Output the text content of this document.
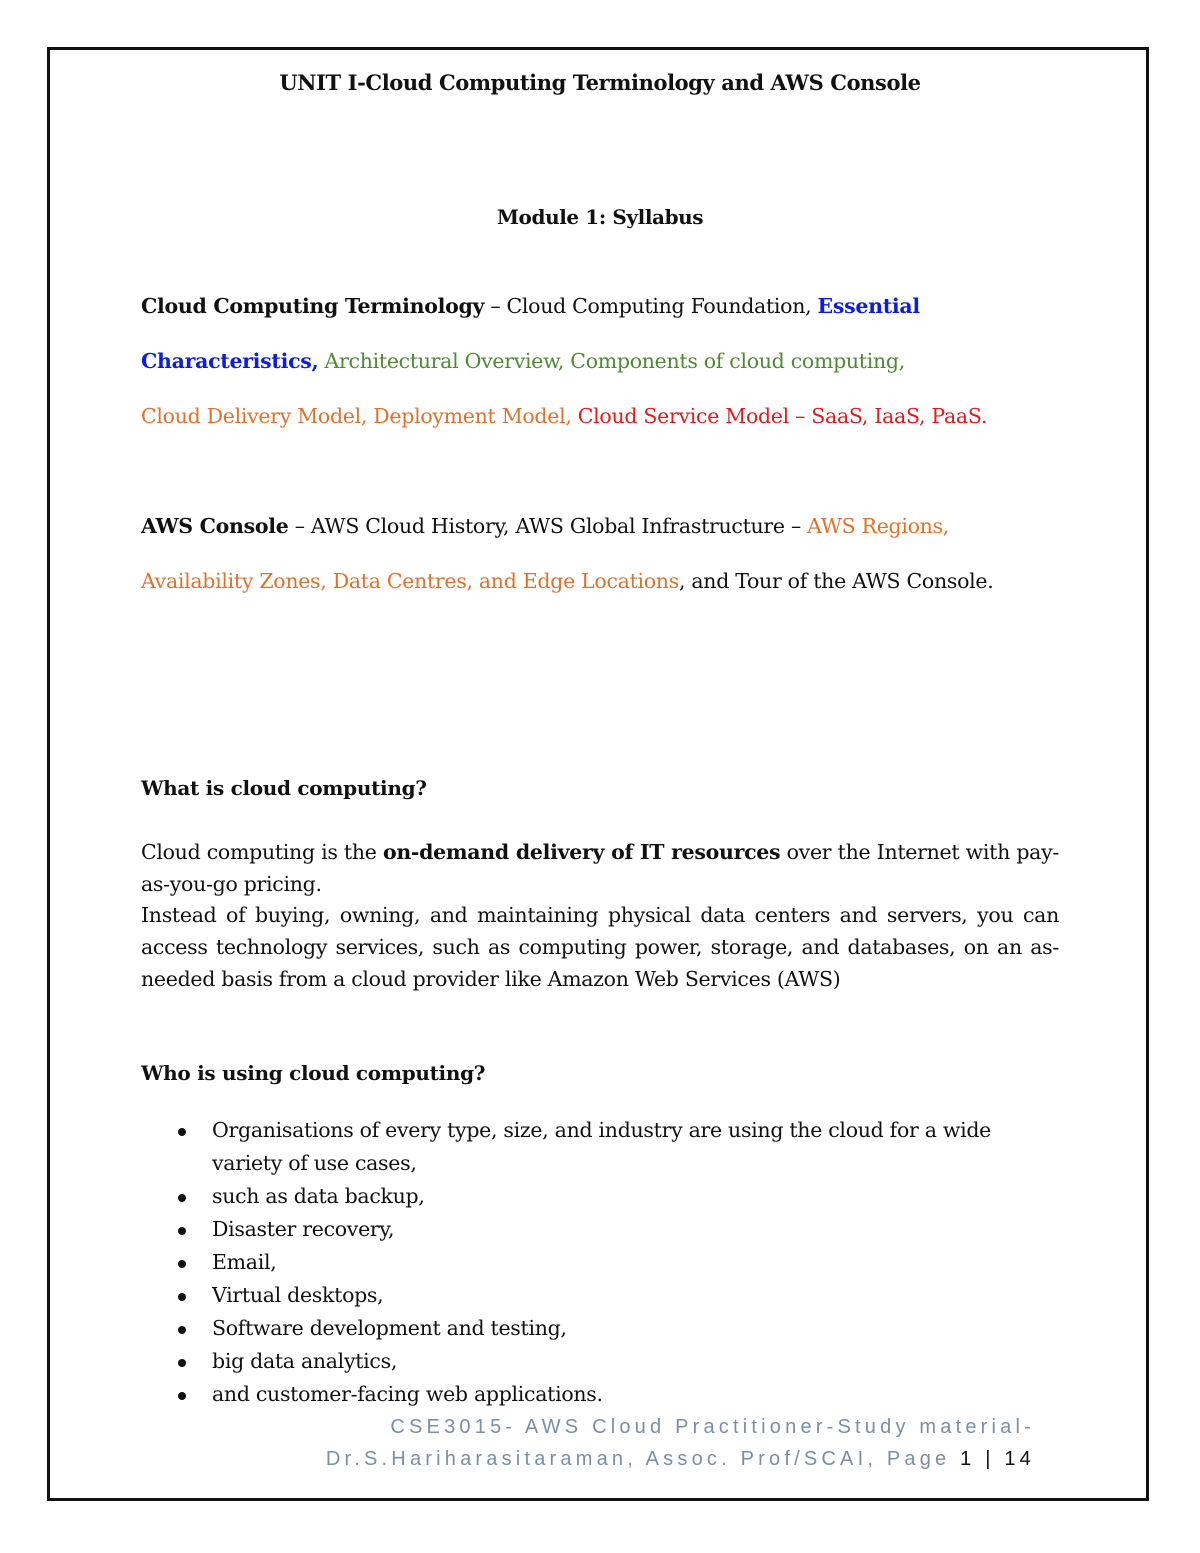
UNIT I-Cloud Computing Terminology and AWS Console
Module 1: Syllabus
Cloud Computing Terminology – Cloud Computing Foundation, Essential Characteristics, Architectural Overview, Components of cloud computing,
Cloud Delivery Model, Deployment Model, Cloud Service Model – SaaS, IaaS, PaaS.
AWS Console – AWS Cloud History, AWS Global Infrastructure – AWS Regions, Availability Zones, Data Centres, and Edge Locations, and Tour of the AWS Console.
What is cloud computing?

Cloud computing is the on-demand delivery of IT resources over the Internet with pay-as-you-go pricing.

Instead of buying, owning, and maintaining physical data centers and servers, you can access technology services, such as computing power, storage, and databases, on an as-needed basis from a cloud provider like Amazon Web Services (AWS)

Who is using cloud computing?
Organisations of every type, size, and industry are using the cloud for a wide variety of use cases,
such as data backup,
Disaster recovery,
Email,
Virtual desktops,
Software development and testing,
big data analytics,
and customer-facing web applications.
CSE3015- AWS Cloud Practitioner-Study material-
Dr.S.Hariharasitaraman, Assoc. Prof/SCAI, Page 1 | 14
